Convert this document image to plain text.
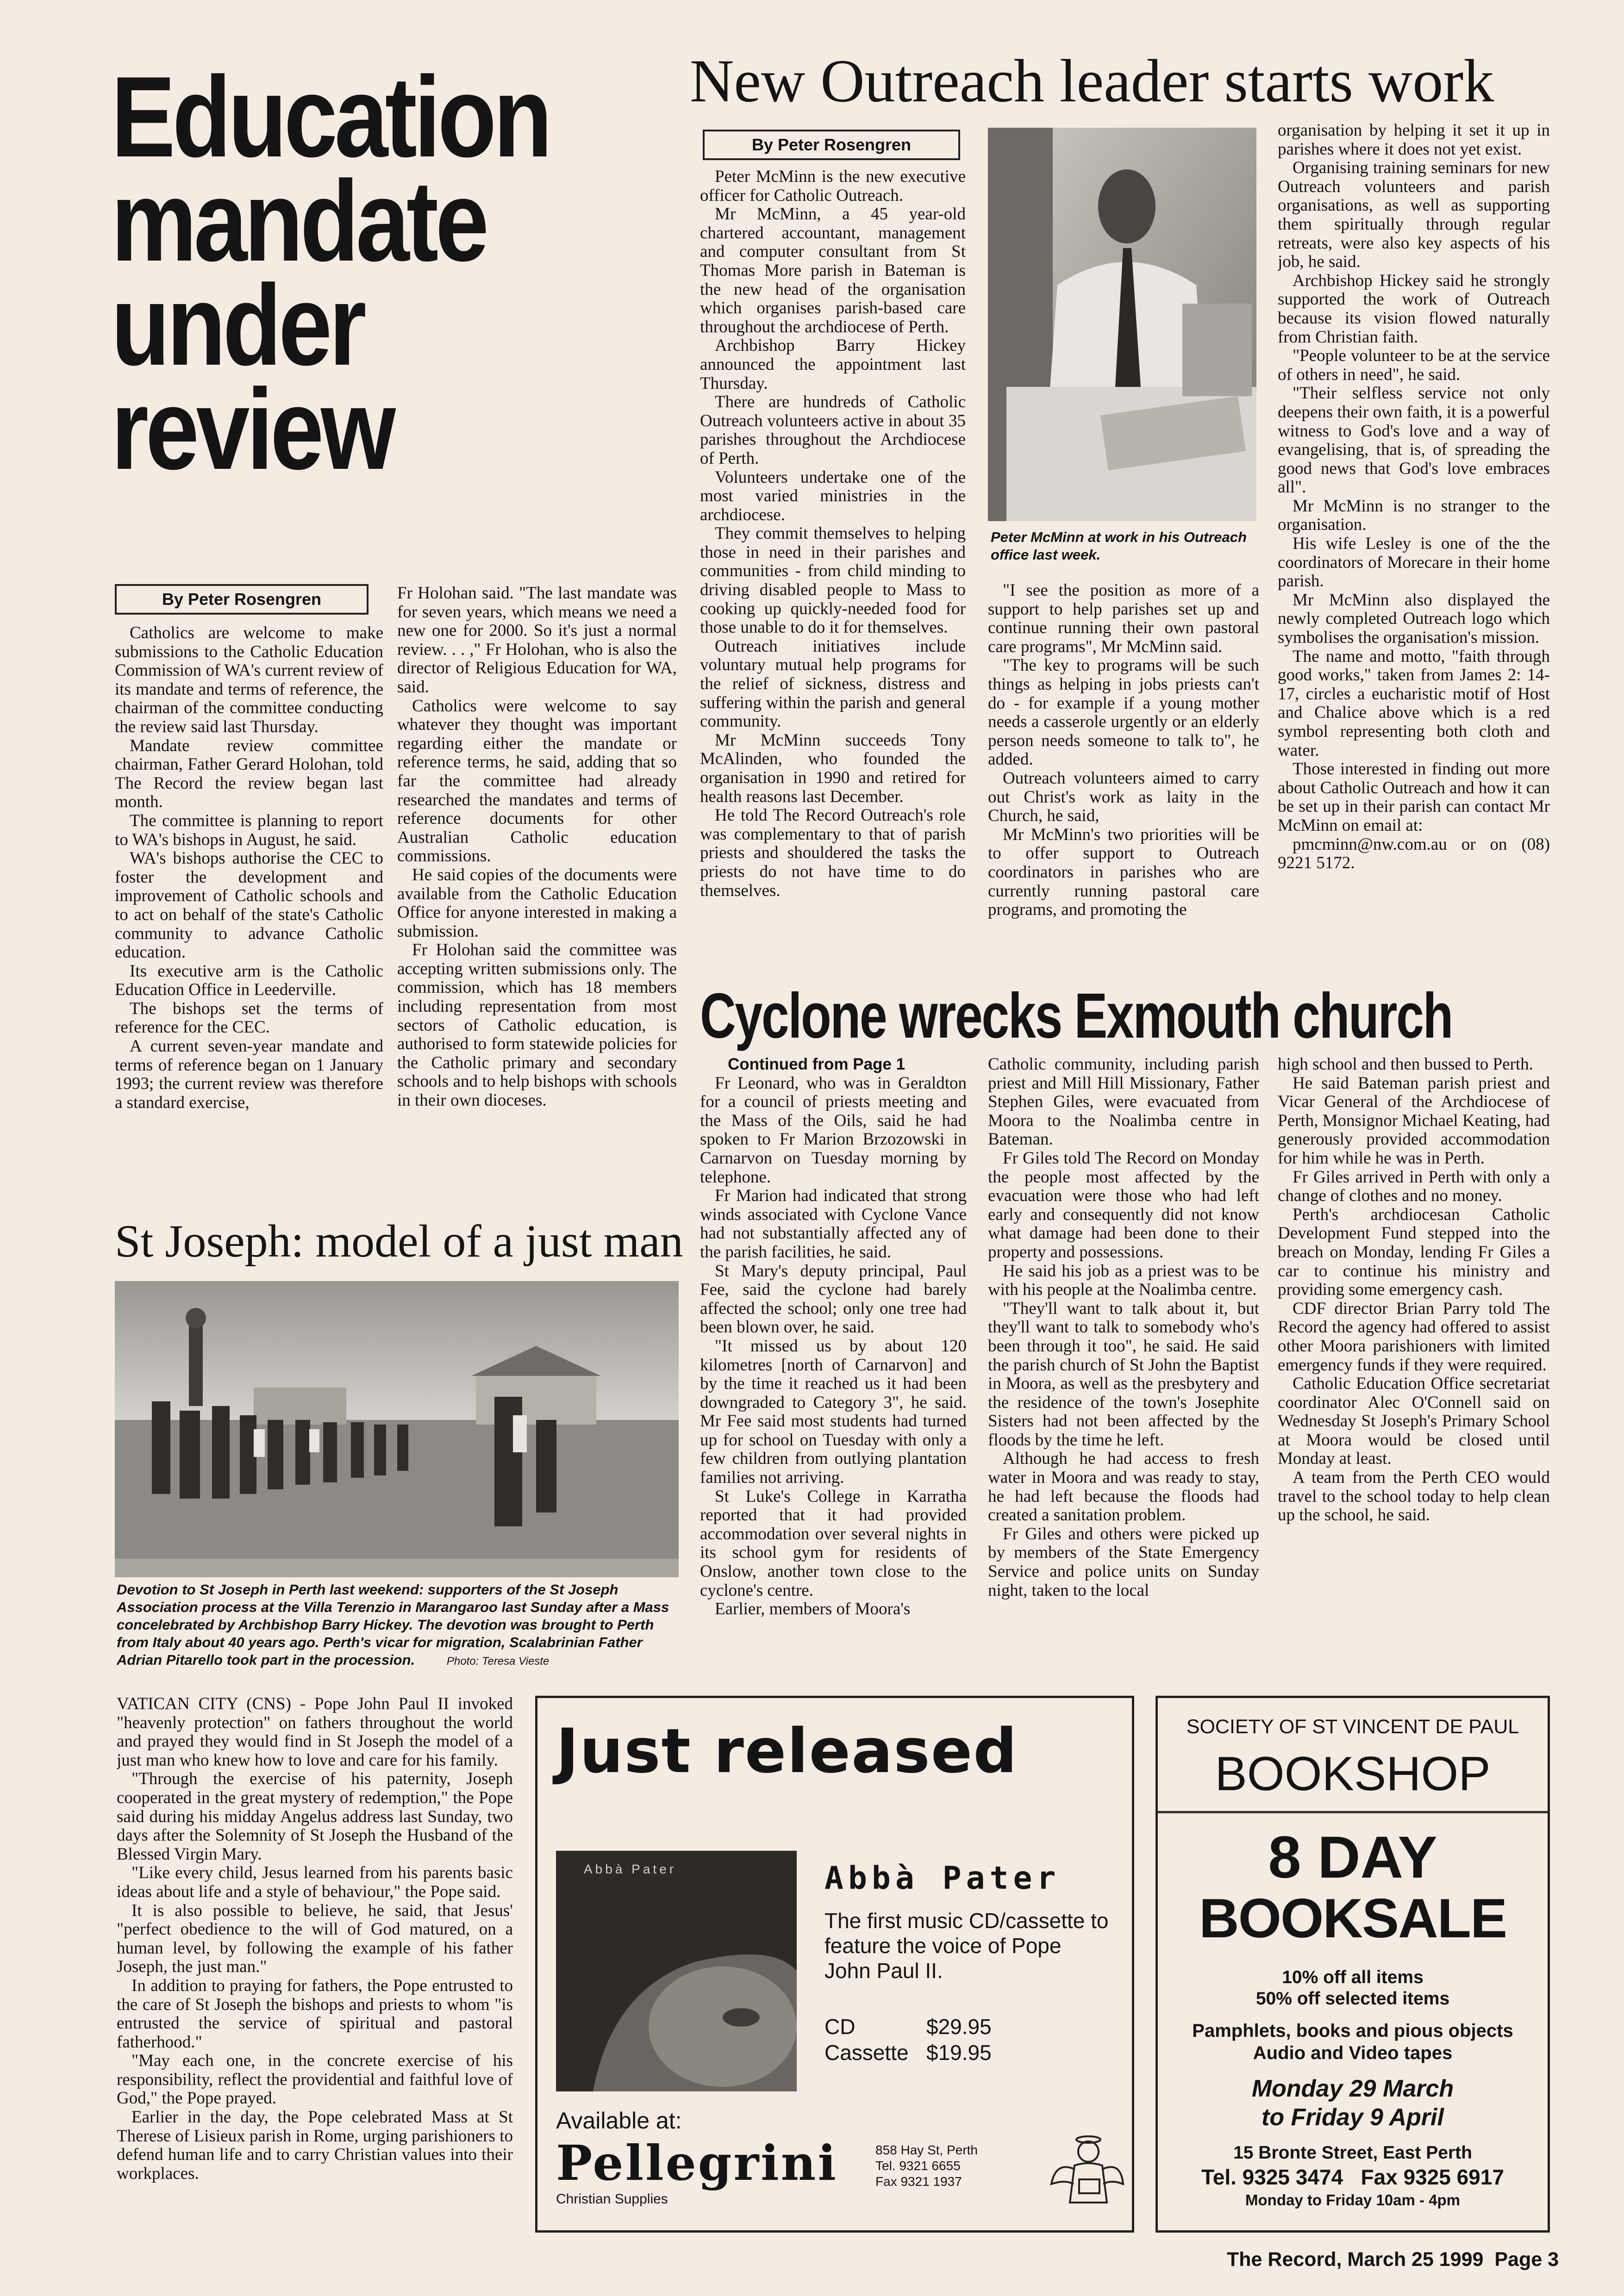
Education
mandate
under
review
By Peter Rosengren

Catholics are welcome to make submissions to the Catholic Education Commission of WA's current review of its mandate and terms of reference, the chairman of the committee conducting the review said last Thursday.

Mandate review committee chairman, Father Gerard Holohan, told The Record the review began last month.

The committee is planning to report to WA's bishops in August, he said.

WA's bishops authorise the CEC to foster the development and improvement of Catholic schools and to act on behalf of the state's Catholic community to advance Catholic education.

Its executive arm is the Catholic Education Office in Leederville.

The bishops set the terms of reference for the CEC.

A current seven-year mandate and terms of reference began on 1 January 1993; the current review was therefore a standard exercise,

Fr Holohan said. "The last mandate was for seven years, which means we need a new one for 2000. So it's just a normal review. . . ," Fr Holohan, who is also the director of Religious Education for WA, said.

Catholics were welcome to say whatever they thought was important regarding either the mandate or reference terms, he said, adding that so far the committee had already researched the mandates and terms of reference documents for other Australian Catholic education commissions.

He said copies of the documents were available from the Catholic Education Office for anyone interested in making a submission.

Fr Holohan said the committee was accepting written submissions only. The commission, which has 18 members including representation from most sectors of Catholic education, is authorised to form statewide policies for the Catholic primary and secondary schools and to help bishops with schools in their own dioceses.

New Outreach leader starts work
By Peter Rosengren

Peter McMinn is the new executive officer for Catholic Outreach.

Mr McMinn, a 45 year-old chartered accountant, management and computer consultant from St Thomas More parish in Bateman is the new head of the organisation which organises parish-based care throughout the archdiocese of Perth.

Archbishop Barry Hickey announced the appointment last Thursday.

There are hundreds of Catholic Outreach volunteers active in about 35 parishes throughout the Archdiocese of Perth.

Volunteers undertake one of the most varied ministries in the archdiocese.

They commit themselves to helping those in need in their parishes and communities - from child minding to driving disabled people to Mass to cooking up quickly-needed food for those unable to do it for themselves.

Outreach initiatives include voluntary mutual help programs for the relief of sickness, distress and suffering within the parish and general community.

Mr McMinn succeeds Tony McAlinden, who founded the organisation in 1990 and retired for health reasons last December.

He told The Record Outreach's role was complementary to that of parish priests and shouldered the tasks the priests do not have time to do themselves.

Peter McMinn at work in his Outreach office last week.

"I see the position as more of a support to help parishes set up and continue running their own pastoral care programs", Mr McMinn said.

"The key to programs will be such things as helping in jobs priests can't do - for example if a young mother needs a casserole urgently or an elderly person needs someone to talk to", he added.

Outreach volunteers aimed to carry out Christ's work as laity in the Church, he said,

Mr McMinn's two priorities will be to offer support to Outreach coordinators in parishes who are currently running pastoral care programs, and promoting the

organisation by helping it set it up in parishes where it does not yet exist.

Organising training seminars for new Outreach volunteers and parish organisations, as well as supporting them spiritually through regular retreats, were also key aspects of his job, he said.

Archbishop Hickey said he strongly supported the work of Outreach because its vision flowed naturally from Christian faith.

"People volunteer to be at the service of others in need", he said.

"Their selfless service not only deepens their own faith, it is a powerful witness to God's love and a way of evangelising, that is, of spreading the good news that God's love embraces all".

Mr McMinn is no stranger to the organisation.

His wife Lesley is one of the the coordinators of Morecare in their home parish.

Mr McMinn also displayed the newly completed Outreach logo which symbolises the organisation's mission.

The name and motto, "faith through good works," taken from James 2: 14-17, circles a eucharistic motif of Host and Chalice above which is a red symbol representing both cloth and water.

Those interested in finding out more about Catholic Outreach and how it can be set up in their parish can contact Mr McMinn on email at:

pmcminn@nw.com.au or on (08) 9221 5172.

Cyclone wrecks Exmouth church

Continued from Page 1

Fr Leonard, who was in Geraldton for a council of priests meeting and the Mass of the Oils, said he had spoken to Fr Marion Brzozowski in Carnarvon on Tuesday morning by telephone.

Fr Marion had indicated that strong winds associated with Cyclone Vance had not substantially affected any of the parish facilities, he said.

St Mary's deputy principal, Paul Fee, said the cyclone had barely affected the school; only one tree had been blown over, he said.

"It missed us by about 120 kilometres [north of Carnarvon] and by the time it reached us it had been downgraded to Category 3", he said. Mr Fee said most students had turned up for school on Tuesday with only a few children from outlying plantation families not arriving.

St Luke's College in Karratha reported that it had provided accommodation over several nights in its school gym for residents of Onslow, another town close to the cyclone's centre.

Earlier, members of Moora's

Catholic community, including parish priest and Mill Hill Missionary, Father Stephen Giles, were evacuated from Moora to the Noalimba centre in Bateman.

Fr Giles told The Record on Monday the people most affected by the evacuation were those who had left early and consequently did not know what damage had been done to their property and possessions.

He said his job as a priest was to be with his people at the Noalimba centre.

"They'll want to talk about it, but they'll want to talk to somebody who's been through it too", he said. He said the parish church of St John the Baptist in Moora, as well as the presbytery and the residence of the town's Josephite Sisters had not been affected by the floods by the time he left.

Although he had access to fresh water in Moora and was ready to stay, he had left because the floods had created a sanitation problem.

Fr Giles and others were picked up by members of the State Emergency Service and police units on Sunday night, taken to the local

high school and then bussed to Perth.

He said Bateman parish priest and Vicar General of the Archdiocese of Perth, Monsignor Michael Keating, had generously provided accommodation for him while he was in Perth.

Fr Giles arrived in Perth with only a change of clothes and no money.

Perth's archdiocesan Catholic Development Fund stepped into the breach on Monday, lending Fr Giles a car to continue his ministry and providing some emergency cash.

CDF director Brian Parry told The Record the agency had offered to assist other Moora parishioners with limited emergency funds if they were required.

Catholic Education Office secretariat coordinator Alec O'Connell said on Wednesday St Joseph's Primary School at Moora would be closed until Monday at least.

A team from the Perth CEO would travel to the school today to help clean up the school, he said.

St Joseph: model of a just man
Devotion to St Joseph in Perth last weekend: supporters of the St Joseph Association process at the Villa Terenzio in Marangaroo last Sunday after a Mass concelebrated by Archbishop Barry Hickey. The devotion was brought to Perth from Italy about 40 years ago. Perth's vicar for migration, Scalabrinian Father Adrian Pitarello took part in the procession.	Photo: Teresa Vieste

VATICAN CITY (CNS) - Pope John Paul II invoked "heavenly protection" on fathers throughout the world and prayed they would find in St Joseph the model of a just man who knew how to love and care for his family.

"Through the exercise of his paternity, Joseph cooperated in the great mystery of redemption," the Pope said during his midday Angelus address last Sunday, two days after the Solemnity of St Joseph the Husband of the Blessed Virgin Mary.

"Like every child, Jesus learned from his parents basic ideas about life and a style of behaviour," the Pope said.

It is also possible to believe, he said, that Jesus' "perfect obedience to the will of God matured, on a human level, by following the example of his father Joseph, the just man."

In addition to praying for fathers, the Pope entrusted to the care of St Joseph the bishops and priests to whom "is entrusted the service of spiritual and pastoral fatherhood."

"May each one, in the concrete exercise of his responsibility, reflect the providential and faithful love of God," the Pope prayed.

Earlier in the day, the Pope celebrated Mass at St Therese of Lisieux parish in Rome, urging parishioners to defend human life and to carry Christian values into their workplaces.

Just released
Abbà Pater	Abbà Pater
The first music CD/cassette to feature the voice of Pope John Paul II.
CD	$29.95
Cassette $19.95
Available at:
Pellegrini
Christian Supplies
858 Hay St, Perth
Tel. 9321 6655
Fax 9321 1937
SOCIETY OF ST VINCENT DE PAUL
BOOKSHOP
8 DAY
BOOKSALE
10% off all items
50% off selected items
Pamphlets, books and pious objects
Audio and Video tapes
Monday 29 March
to Friday 9 April
15 Bronte Street, East Perth
Tel. 9325 3474   Fax 9325 6917
Monday to Friday 10am - 4pm
The Record, March 25 1999  Page 3
